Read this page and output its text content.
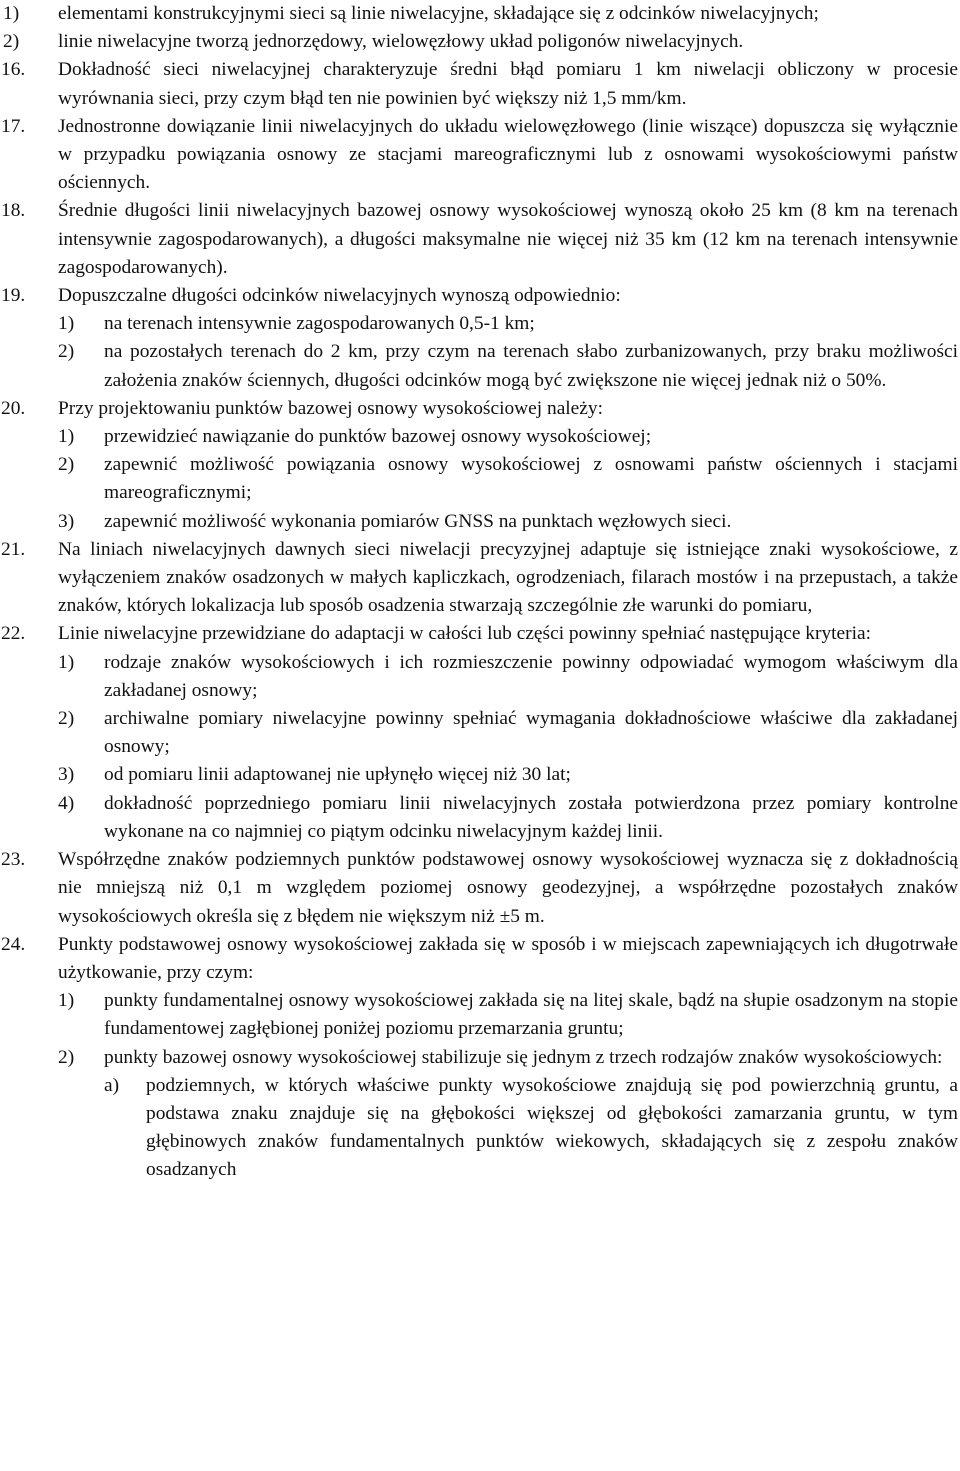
1) elementami konstrukcyjnymi sieci są linie niwelacyjne, składające się z odcinków niwelacyjnych;
2) linie niwelacyjne tworzą jednorzędowy, wielowęzłowy układ poligonów niwelacyjnych.
16. Dokładność sieci niwelacyjnej charakteryzuje średni błąd pomiaru 1 km niwelacji obliczony w procesie wyrównania sieci, przy czym błąd ten nie powinien być większy niż 1,5 mm/km.
17. Jednostronne dowiązanie linii niwelacyjnych do układu wielowęzłowego (linie wiszące) dopuszcza się wyłącznie w przypadku powiązania osnowy ze stacjami mareograficznymi lub z osnowami wysokościowymi państw ościennych.
18. Średnie długości linii niwelacyjnych bazowej osnowy wysokościowej wynoszą około 25 km (8 km na terenach intensywnie zagospodarowanych), a długości maksymalne nie więcej niż 35 km (12 km na terenach intensywnie zagospodarowanych).
19. Dopuszczalne długości odcinków niwelacyjnych wynoszą odpowiednio:
1) na terenach intensywnie zagospodarowanych 0,5-1 km;
2) na pozostałych terenach do 2 km, przy czym na terenach słabo zurbanizowanych, przy braku możliwości założenia znaków ściennych, długości odcinków mogą być zwiększone nie więcej jednak niż o 50%.
20. Przy projektowaniu punktów bazowej osnowy wysokościowej należy:
1) przewidzieć nawiązanie do punktów bazowej osnowy wysokościowej;
2) zapewnić możliwość powiązania osnowy wysokościowej z osnowami państw ościennych i stacjami mareograficznymi;
3) zapewnić możliwość wykonania pomiarów GNSS na punktach węzłowych sieci.
21. Na liniach niwelacyjnych dawnych sieci niwelacji precyzyjnej adaptuje się istniejące znaki wysokościowe, z wyłączeniem znaków osadzonych w małych kapliczkach, ogrodzeniach, filarach mostów i na przepustach, a także znaków, których lokalizacja lub sposób osadzenia stwarzają szczególnie złe warunki do pomiaru,
22. Linie niwelacyjne przewidziane do adaptacji w całości lub części powinny spełniać następujące kryteria:
1) rodzaje znaków wysokościowych i ich rozmieszczenie powinny odpowiadać wymogom właściwym dla zakładanej osnowy;
2) archiwalne pomiary niwelacyjne powinny spełniać wymagania dokładnościowe właściwe dla zakładanej osnowy;
3) od pomiaru linii adaptowanej nie upłynęło więcej niż 30 lat;
4) dokładność poprzedniego pomiaru linii niwelacyjnych została potwierdzona przez pomiary kontrolne wykonane na co najmniej co piątym odcinku niwelacyjnym każdej linii.
23. Współrzędne znaków podziemnych punktów podstawowej osnowy wysokościowej wyznacza się z dokładnością nie mniejszą niż 0,1 m względem poziomej osnowy geodezyjnej, a współrzędne pozostałych znaków wysokościowych określa się z błędem nie większym niż ±5 m.
24. Punkty podstawowej osnowy wysokościowej zakłada się w sposób i w miejscach zapewniających ich długotrwałe użytkowanie, przy czym:
1) punkty fundamentalnej osnowy wysokościowej zakłada się na litej skale, bądź na słupie osadzonym na stopie fundamentowej zagłębionej poniżej poziomu przemarzania gruntu;
2) punkty bazowej osnowy wysokościowej stabilizuje się jednym z trzech rodzajów znaków wysokościowych:
a) podziemnych, w których właściwe punkty wysokościowe znajdują się pod powierzchnią gruntu, a podstawa znaku znajduje się na głębokości większej od głębokości zamarzania gruntu, w tym głębinowych znaków fundamentalnych punktów wiekowych, składających się z zespołu znaków osadzanych
